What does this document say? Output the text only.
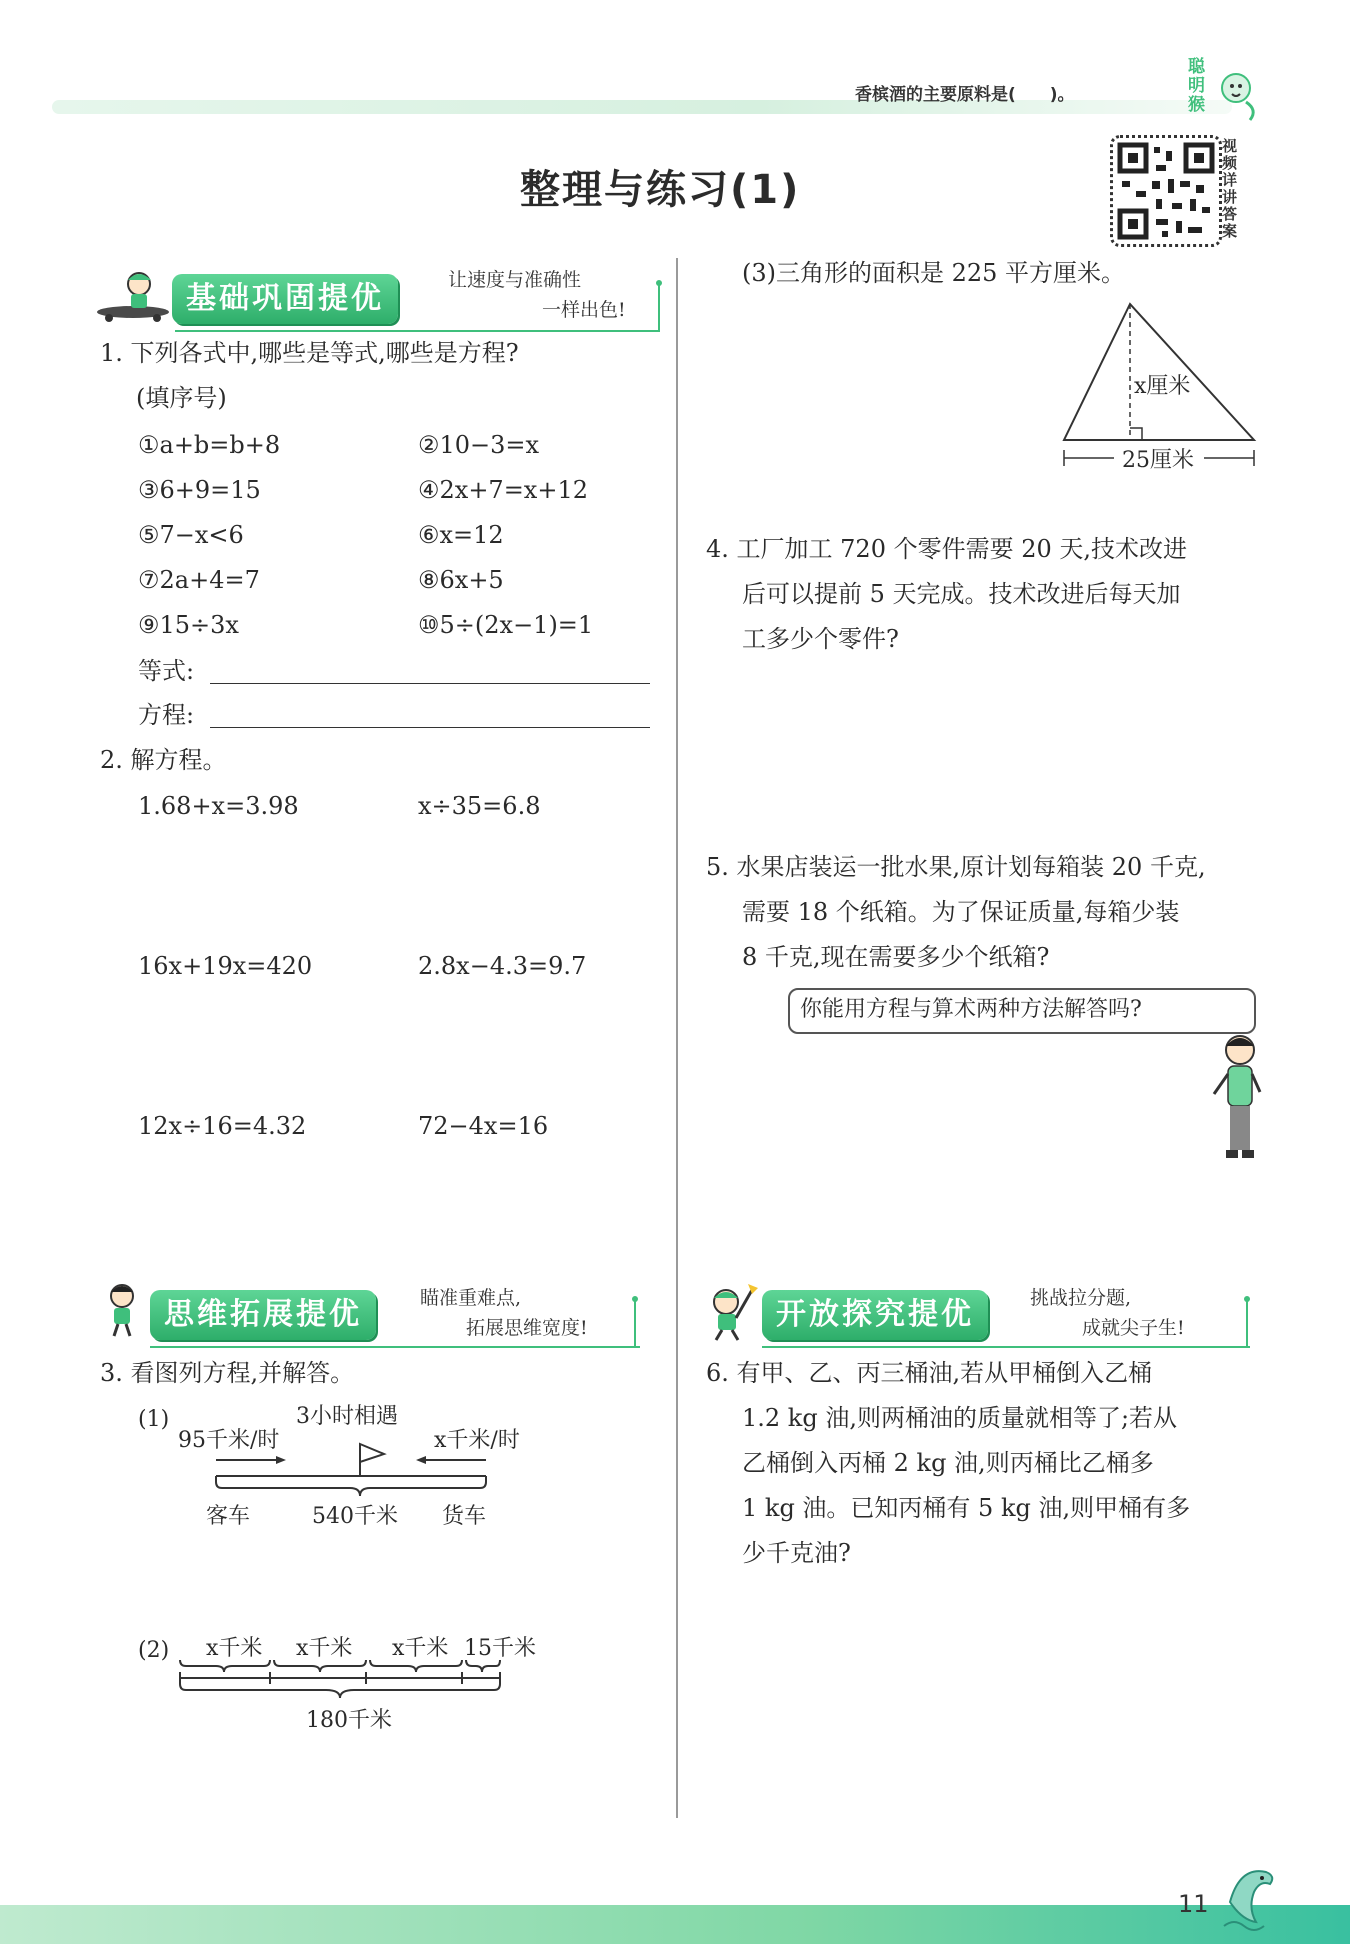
香槟酒的主要原料是(　　)。
聪明猴
视频详讲答案
整理与练习(1)
基础巩固提优
让速度与准确性
一样出色!
1. 下列各式中,哪些是等式,哪些是方程?
(填序号)
①a+b=b+8	②10−3=x
③6+9=15	④2x+7=x+12
⑤7−x<6	⑥x=12
⑦2a+4=7	⑧6x+5
⑨15÷3x	⑩5÷(2x−1)=1
等式:
方程:
2. 解方程。
1.68+x=3.98	x÷35=6.8
16x+19x=420	2.8x−4.3=9.7
12x÷16=4.32	72−4x=16
思维拓展提优	瞄准重难点,
拓展思维宽度!
3. 看图列方程,并解答。
(1)	3小时相遇
95千米/时	x千米/时
客车	540千米 货车
(2) x千米 x千米 x千米 15千米
180千米
(3)三角形的面积是 225 平方厘米。
x厘米
25厘米
4. 工厂加工 720 个零件需要 20 天,技术改进
后可以提前 5 天完成。技术改进后每天加
工多少个零件?
5. 水果店装运一批水果,原计划每箱装 20 千克,
需要 18 个纸箱。为了保证质量,每箱少装
8 千克,现在需要多少个纸箱?
你能用方程与算术两种方法解答吗?
开放探究提优	挑战拉分题,
成就尖子生!
6. 有甲、乙、丙三桶油,若从甲桶倒入乙桶
1.2 kg 油,则两桶油的质量就相等了;若从
乙桶倒入丙桶 2 kg 油,则丙桶比乙桶多
1 kg 油。已知丙桶有 5 kg 油,则甲桶有多
少千克油?
11
